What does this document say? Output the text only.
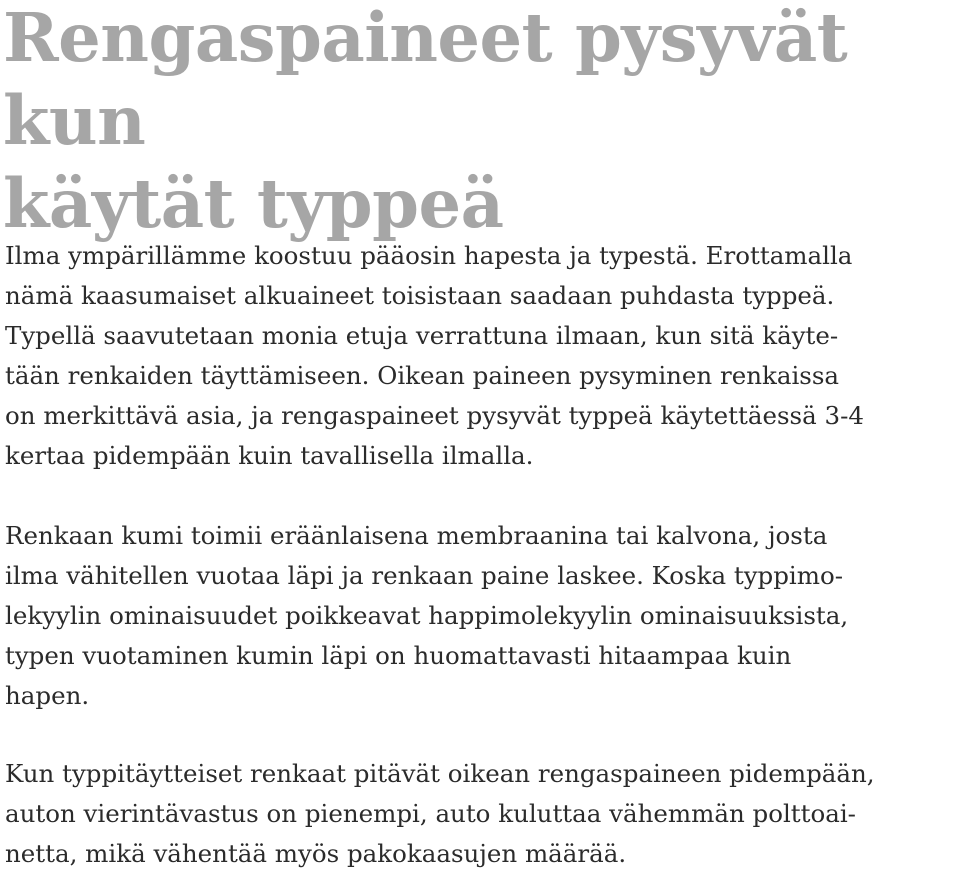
Rengaspaineet pysyvät kun
käytät typpeä

Ilma ympärillämme koostuu pääosin hapesta ja typestä. Erottamalla
nämä kaasumaiset alkuaineet toisistaan saadaan puhdasta typpeä.
Typellä saavutetaan monia etuja verrattuna ilmaan, kun sitä käyte-
tään renkaiden täyttämiseen. Oikean paineen pysyminen renkaissa
on merkittävä asia, ja rengaspaineet pysyvät typpeä käytettäessä 3-4
kertaa pidempään kuin tavallisella ilmalla.

Renkaan kumi toimii eräänlaisena membraanina tai kalvona, josta
ilma vähitellen vuotaa läpi ja renkaan paine laskee. Koska typpimo-
lekyylin ominaisuudet poikkeavat happimolekyylin ominaisuuksista,
typen vuotaminen kumin läpi on huomattavasti hitaampaa kuin
hapen.

Kun typpitäytteiset renkaat pitävät oikean rengaspaineen pidempään,
auton vierintävastus on pienempi, auto kuluttaa vähemmän polttoai-
netta, mikä vähentää myös pakokaasujen määrää.
